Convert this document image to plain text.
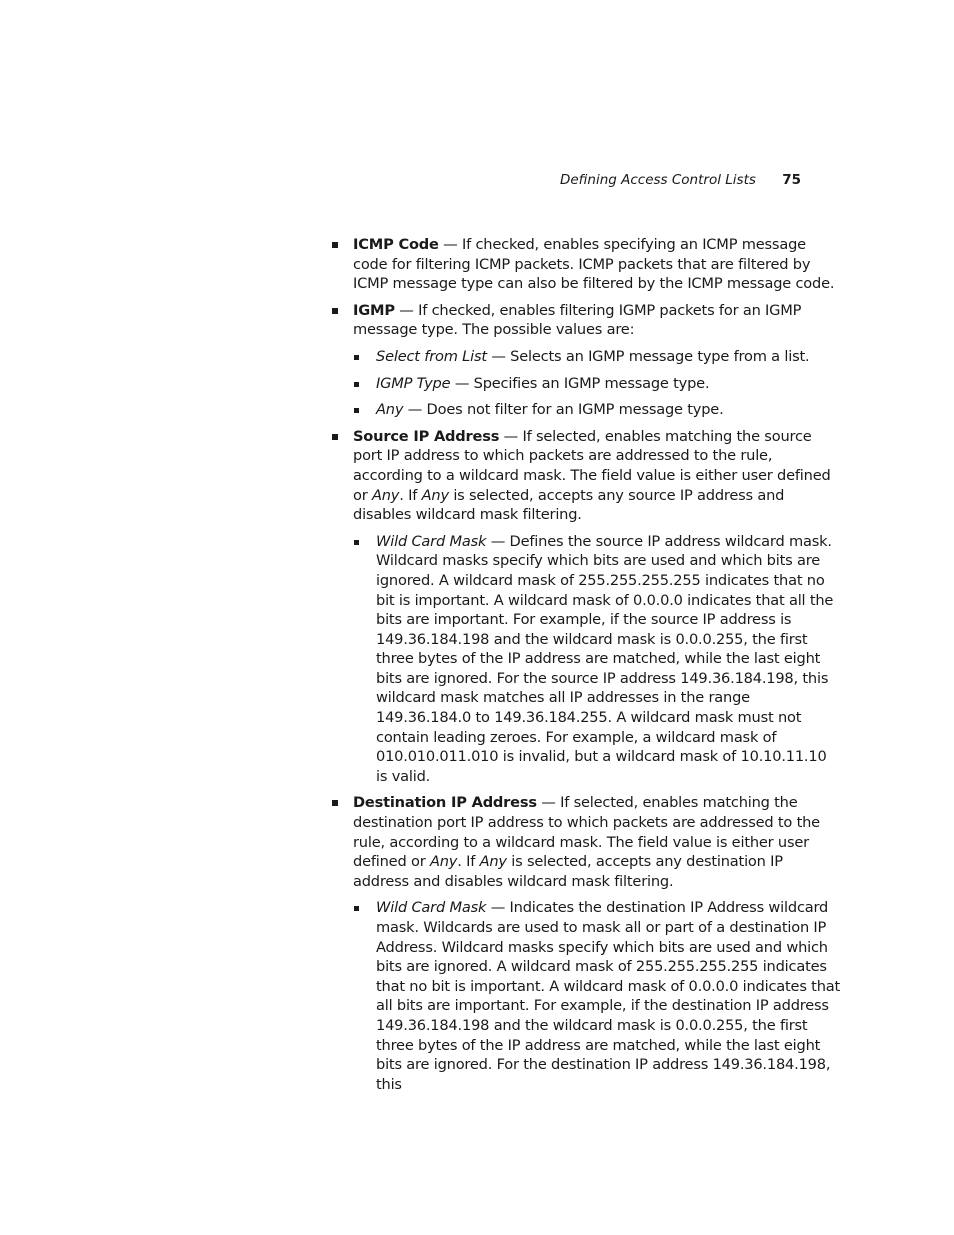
Defining Access Control Lists 75
ICMP Code — If checked, enables specifying an ICMP message code for filtering ICMP packets. ICMP packets that are filtered by ICMP message type can also be filtered by the ICMP message code.
IGMP — If checked, enables filtering IGMP packets for an IGMP message type. The possible values are:
Select from List — Selects an IGMP message type from a list.
IGMP Type — Specifies an IGMP message type.
Any — Does not filter for an IGMP message type.
Source IP Address — If selected, enables matching the source port IP address to which packets are addressed to the rule, according to a wildcard mask. The field value is either user defined or Any. If Any is selected, accepts any source IP address and disables wildcard mask filtering.
Wild Card Mask — Defines the source IP address wildcard mask. Wildcard masks specify which bits are used and which bits are ignored. A wildcard mask of 255.255.255.255 indicates that no bit is important. A wildcard mask of 0.0.0.0 indicates that all the bits are important. For example, if the source IP address is 149.36.184.198 and the wildcard mask is 0.0.0.255, the first three bytes of the IP address are matched, while the last eight bits are ignored. For the source IP address 149.36.184.198, this wildcard mask matches all IP addresses in the range 149.36.184.0 to 149.36.184.255. A wildcard mask must not contain leading zeroes. For example, a wildcard mask of 010.010.011.010 is invalid, but a wildcard mask of 10.10.11.10 is valid.
Destination IP Address — If selected, enables matching the destination port IP address to which packets are addressed to the rule, according to a wildcard mask. The field value is either user defined or Any. If Any is selected, accepts any destination IP address and disables wildcard mask filtering.
Wild Card Mask — Indicates the destination IP Address wildcard mask. Wildcards are used to mask all or part of a destination IP Address. Wildcard masks specify which bits are used and which bits are ignored. A wildcard mask of 255.255.255.255 indicates that no bit is important. A wildcard mask of 0.0.0.0 indicates that all bits are important. For example, if the destination IP address 149.36.184.198 and the wildcard mask is 0.0.0.255, the first three bytes of the IP address are matched, while the last eight bits are ignored. For the destination IP address 149.36.184.198, this
